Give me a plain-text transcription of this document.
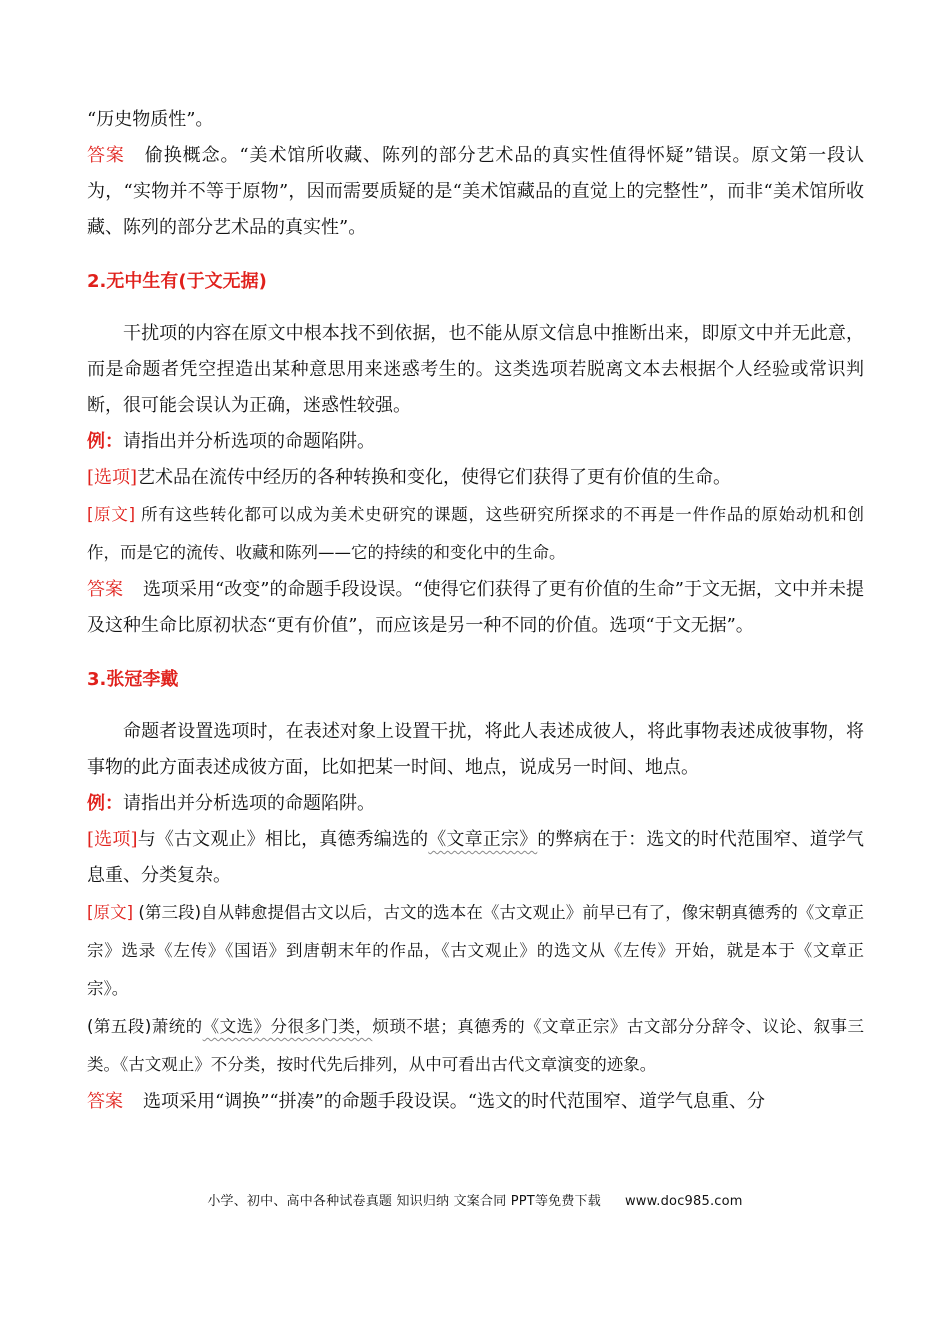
“历史物质性”。

答案 偷换概念。“美术馆所收藏、陈列的部分艺术品的真实性值得怀疑”错误。原文第一段认为，“实物并不等于原物”，因而需要质疑的是“美术馆藏品的直觉上的完整性”，而非“美术馆所收藏、陈列的部分艺术品的真实性”。

2.无中生有(于文无据)

干扰项的内容在原文中根本找不到依据，也不能从原文信息中推断出来，即原文中并无此意，而是命题者凭空捏造出某种意思用来迷惑考生的。这类选项若脱离文本去根据个人经验或常识判断，很可能会误认为正确，迷惑性较强。

例：请指出并分析选项的命题陷阱。

[选项]艺术品在流传中经历的各种转换和变化，使得它们获得了更有价值的生命。

[原文] 所有这些转化都可以成为美术史研究的课题，这些研究所探求的不再是一件作品的原始动机和创作，而是它的流传、收藏和陈列——它的持续的和变化中的生命。

答案 选项采用“改变”的命题手段设误。“使得它们获得了更有价值的生命”于文无据，文中并未提及这种生命比原初状态“更有价值”，而应该是另一种不同的价值。选项“于文无据”。

3.张冠李戴

命题者设置选项时，在表述对象上设置干扰，将此人表述成彼人，将此事物表述成彼事物，将事物的此方面表述成彼方面，比如把某一时间、地点，说成另一时间、地点。

例：请指出并分析选项的命题陷阱。

[选项]与《古文观止》相比，真德秀编选的《文章正宗》的弊病在于：选文的时代范围窄、道学气息重、分类复杂。

[原文] (第三段)自从韩愈提倡古文以后，古文的选本在《古文观止》前早已有了，像宋朝真德秀的《文章正宗》选录《左传》《国语》到唐朝末年的作品，《古文观止》的选文从《左传》开始，就是本于《文章正宗》。

(第五段)萧统的《文选》分很多门类，烦琐不堪；真德秀的《文章正宗》古文部分分辞令、议论、叙事三类。《古文观止》不分类，按时代先后排列，从中可看出古代文章演变的迹象。

答案 选项采用“调换”“拼凑”的命题手段设误。“选文的时代范围窄、道学气息重、分

小学、初中、高中各种试卷真题 知识归纳 文案合同 PPT等免费下载 www.doc985.com
